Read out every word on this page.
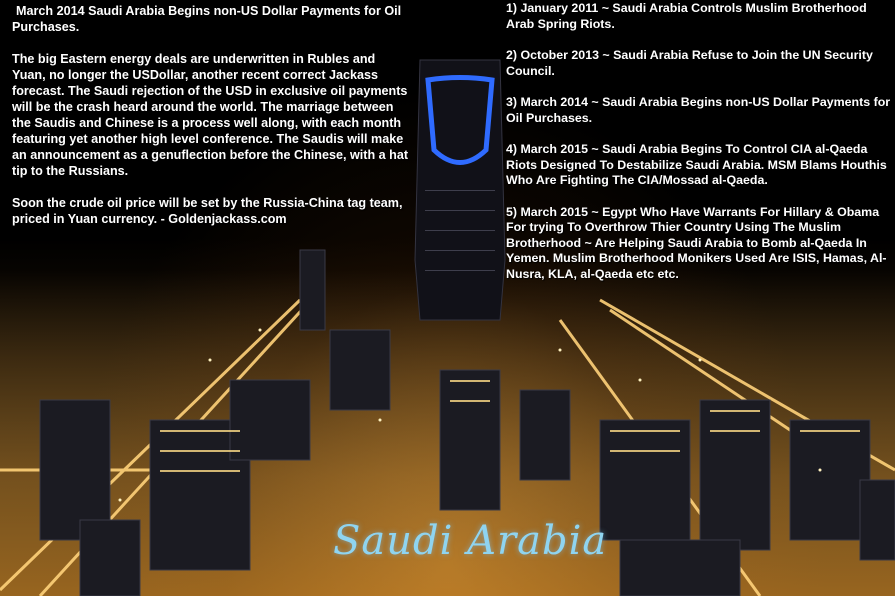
March 2014 Saudi Arabia Begins non-US Dollar Payments for Oil Purchases.

The big Eastern energy deals are underwritten in Rubles and Yuan, no longer the USDollar, another recent correct Jackass forecast. The Saudi rejection of the USD in exclusive oil payments will be the crash heard around the world. The marriage between the Saudis and Chinese is a process well along, with each month featuring yet another high level conference. The Saudis will make an announcement as a genuflection before the Chinese, with a hat tip to the Russians.

Soon the crude oil price will be set by the Russia-China tag team, priced in Yuan currency. - Goldenjackass.com

1) January 2011 ~ Saudi Arabia Controls Muslim Brotherhood Arab Spring Riots.

2) October 2013 ~ Saudi Arabia Refuse to Join the UN Security Council.

3) March 2014 ~ Saudi Arabia Begins non-US Dollar Payments for Oil Purchases.

4) March 2015 ~ Saudi Arabia Begins To Control CIA al-Qaeda Riots Designed To Destabilize Saudi Arabia. MSM Blams Houthis Who Are Fighting The CIA/Mossad al-Qaeda.

5) March 2015 ~ Egypt Who Have Warrants For Hillary & Obama For trying To Overthrow Thier Country Using The Muslim Brotherhood ~ Are Helping Saudi Arabia to Bomb al-Qaeda In Yemen. Muslim Brotherhood Monikers Used Are ISIS, Hamas, Al-Nusra, KLA, al-Qaeda etc etc.

Saudi Arabia
